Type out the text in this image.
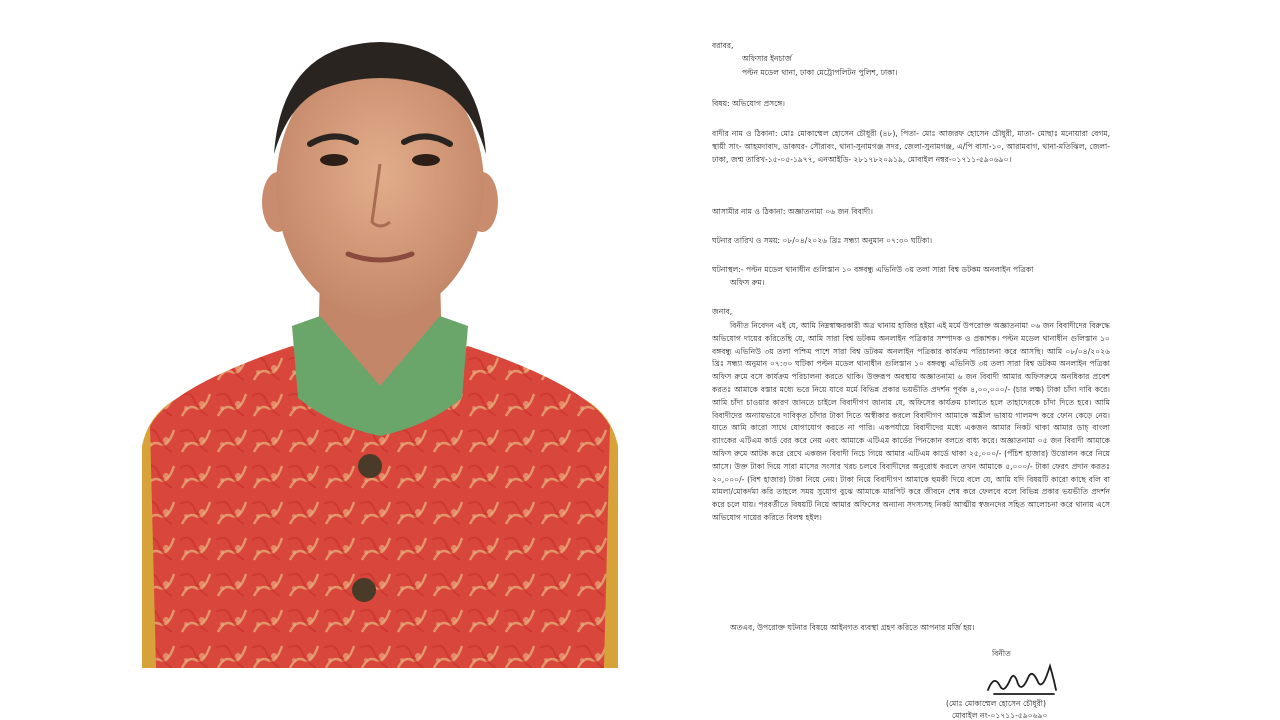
বরাবর,

অফিসার ইনচার্জ

পল্টন মডেল থানা, ঢাকা মেট্রোপলিটন পুলিশ, ঢাকা।

বিষয়: অভিযোগ প্রসঙ্গে।

বাদীর নাম ও ঠিকানা: মোঃ মোকাম্মেল হোসেন চৌধুরী (৪৮), পিতা- মোঃ আজরফ হোসেন চৌধুরী, মাতা- মোছাঃ মনোয়ারা বেগম, স্থায়ী সাং- আহমদাবাদ, ডাকঘর- সৌরাবং, থানা-সুনামগঞ্জ সদর, জেলা-সুনামগঞ্জ, এ/পি বাসা-১০, আরামবাগ, থানা-মতিঝিল, জেলা-ঢাকা, জন্ম তারিখ-১৫-০৫-১৯৭৭, এনআইডি- ২৮১৭৮২০৯১৯, মোবাইল নম্বর-০১৭১১-৫৯০৬৯০।

আসামীর নাম ও ঠিকানা: অজ্ঞাতনামা ০৬ জন বিবাদী।

ঘটনার তারিখ ও সময়: ০৮/০৪/২০২৬ খ্রিঃ সন্ধ্যা অনুমান ০৭:৩০ ঘটিকা।

ঘটনাস্থল:- পল্টন মডেল থানাধীন গুলিস্তান ১০ বঙ্গবন্ধু এভিনিউ ৩য় তলা সারা বিশ্ব ডটকম অনলাইন পত্রিকা

অফিস রুম।

জনাব,

বিনীত নিবেদন এই যে, আমি নিম্নস্বাক্ষরকারী অত্র থানায় হাজির হইয়া এই মর্মে উপরোক্ত অজ্ঞাতনামা ০৬ জন বিবাদীদের বিরুদ্ধে অভিযোগ দায়ের করিতেছি যে, আমি সারা বিশ্ব ডটকম অনলাইন পত্রিকার সম্পাদক ও প্রকাশক। পল্টন মডেল থানাধীন গুলিস্তান ১০ বঙ্গবন্ধু এভিনিউ ৩য় তলা পশ্চিম পাশে সারা বিশ্ব ডটকম অনলাইন পত্রিকার কার্যক্রম পরিচালনা করে আসছি। আমি ০৮/০৪/২০২৬ খ্রিঃ সন্ধ্যা অনুমান ০৭:৩০ ঘটিকা পল্টন মডেল থানাধীন গুলিস্তান ১০ বঙ্গবন্ধু এভিনিউ ৩য় তলা সারা বিশ্ব ডটকম অনলাইন পত্রিকা অফিস রুমে বসে কার্যক্রম পরিচালনা করতে থাকি। উক্তরূপ অবস্থায় অজ্ঞাতনামা ৬ জন বিবাদী আমার অফিসরুমে অনধিকার প্রবেশ করতঃ আমাকে বস্তার মধ্যে ভরে নিয়ে যাবে মর্মে বিভিন্ন প্রকার ভয়ভীতি প্রদর্শন পূর্বক ৪,০০,০০০/- (চার লক্ষ) টাকা চাঁদা দাবি করে। আমি চাঁদা চাওয়ার কারণ জানতে চাইলে বিবাদীগণ জানায় যে, অফিসের কার্যক্রম চালাতে হলে তাহাদেরকে চাঁদা দিতে হবে। আমি বিবাদীদের অন্যায়ভাবে দাবিকৃত চাঁদার টাকা দিতে অস্বীকার করলে বিবাদীগণ আমাকে অশ্লীল ভাষায় গালমন্দ করে ফোন কেড়ে নেয়। যাতে আমি কারো সাথে যোগাযোগ করতে না পারি। একপর্যায়ে বিবাদীদের মধ্যে একজন আমার নিকট থাকা আমার ডাচ্ বাংলা ব্যাংকের এটিএম কার্ড বের করে নেয় এবং আমাকে এটিএম কার্ডের পিনকোন বলতে বাধ্য করে। অজ্ঞাতনামা ০৫ জন বিবাদী আমাকে অফিস রুমে আটক করে রেখে একজন বিবাদী নিচে গিয়ে আমার এটিএম কার্ডে থাকা ২৫,০০০/- (পঁচিশ হাজার) উত্তোলন করে নিয়ে আসে। উক্ত টাকা দিয়ে সারা মাসের সংসার খরচ চলবে বিবাদীদের অনুরোধ করলে তখন আমাকে ৫,০০০/- টাকা ফেরৎ প্রদান করতঃ ২০,০০০/- (বিশ হাজার) টাকা নিয়ে নেয়। টাকা নিয়ে বিবাদীগণ আমাকে হুমকী দিয়ে বলে যে, আমি যদি বিষয়টি কারো কাছে বলি বা মামলা/মোকর্দমা করি তাহলে সময় সুযোগ বুঝে আমাকে মারপিট করে জীবনে শেষ করে ফেলবে বলে বিভিন্ন প্রকার ভয়ভীতি প্রদর্শন করে চলে যায়। পরবর্তীতে বিষয়টি নিয়ে আমার অফিসের অন্যান্য সদস্যসহ নিকট আত্মীয় স্বজনদের সহিত আলোচনা করে থানায় এসে অভিযোগ দায়ের করিতে বিলম্ব হইল।

অতএব, উপরোক্ত ঘটনার বিষয়ে আইনগত ব্যবস্থা গ্রহণ করিতে আপনার মর্জি হয়।

বিনীত
(মোঃ মোকাম্মেল হোসেন চৌধুরী)
মোবাইল নং-০১৭১১-৫৯০৬৯০
